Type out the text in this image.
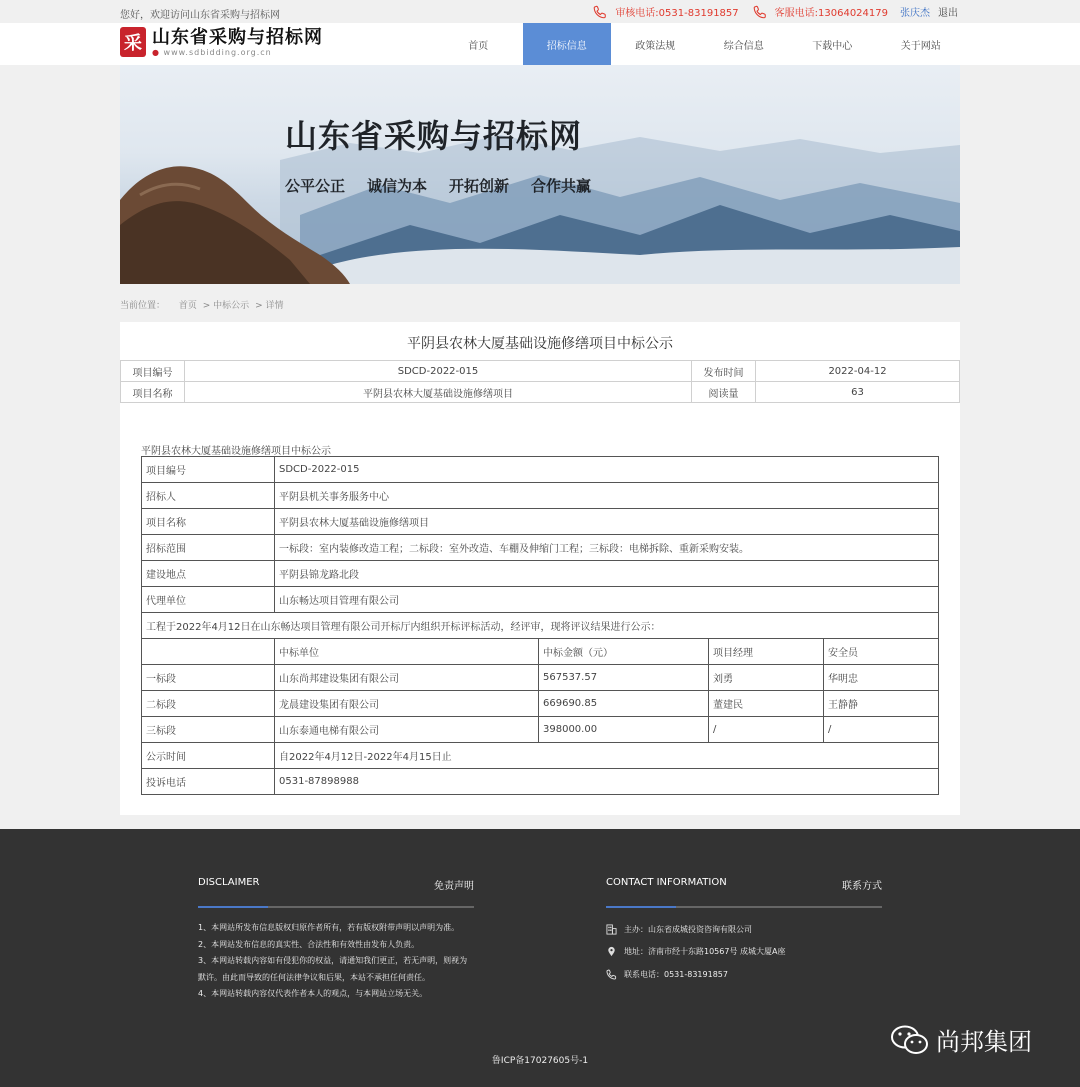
您好，欢迎访问山东省采购与招标网	审核电话:0531-83191857	客服电话:13064024179 张庆杰 退出
采 山东省采购与招标网
● www.sdbidding.org.cn
首页	招标信息	政策法规	综合信息	下载中心	关于网站
山东省采购与招标网
公平公正 诚信为本 开拓创新 合作共赢
当前位置： 首页 > 中标公示 > 详情
平阴县农林大厦基础设施修缮项目中标公示
项目编号	SDCD-2022-015	发布时间	2022-04-12
项目名称	平阴县农林大厦基础设施修缮项目	阅读量	63
平阴县农林大厦基础设施修缮项目中标公示
项目编号	SDCD-2022-015			
招标人	平阴县机关事务服务中心			
项目名称	平阴县农林大厦基础设施修缮项目			
招标范围	一标段：室内装修改造工程；二标段：室外改造、车棚及伸缩门工程；三标段：电梯拆除、重新采购安装。			
建设地点	平阴县锦龙路北段			
代理单位	山东畅达项目管理有限公司			
工程于2022年4月12日在山东畅达项目管理有限公司开标厅内组织开标评标活动，经评审，现将评议结果进行公示：				
	中标单位	中标金额（元）	项目经理	安全员
一标段	山东尚邦建设集团有限公司	567537.57	刘勇	华明忠
二标段	龙晨建设集团有限公司	669690.85	董建民	王静静
三标段	山东泰通电梯有限公司	398000.00	/	/
公示时间	自2022年4月12日-2022年4月15日止			
投诉电话	0531-87898988			
DISCLAIMER	免责声明
1、本网站所发布信息版权归原作者所有，若有版权附带声明以声明为准。
2、本网站发布信息的真实性、合法性和有效性由发布人负责。
3、本网站转载内容如有侵犯你的权益，请通知我们更正，若无声明，则视为默许。由此而导致的任何法律争议和后果，本站不承担任何责任。
4、本网站转载内容仅代表作者本人的观点，与本网站立场无关。
CONTACT INFORMATION	联系方式
主办：山东省成城投资咨询有限公司
地址：济南市经十东路10567号 成城大厦A座
联系电话：0531-83191857
尚邦集团
鲁ICP备17027605号-1
